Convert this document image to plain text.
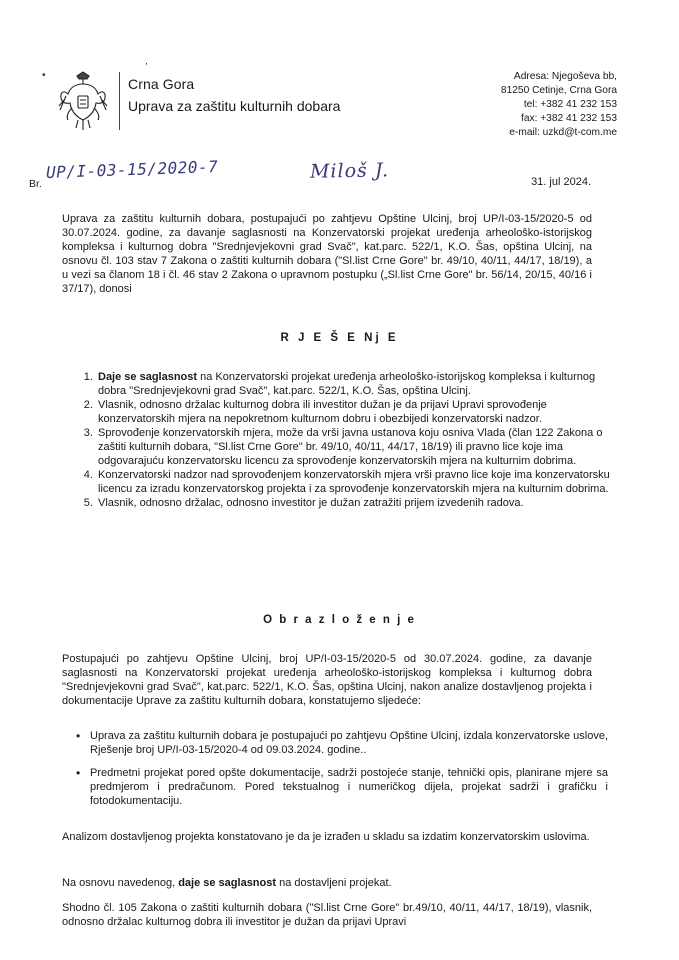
Crna Gora
Uprava za zaštitu kulturnih dobara
Adresa: Njegoševa bb,
81250 Cetinje, Crna Gora
tel: +382 41 232 153
fax: +382 41 232 153
e-mail: uzkd@t-com.me
•
,
Br.
UP/I-03-15/2020-7	Miloš J.	31. jul 2024.
Uprava za zaštitu kulturnih dobara, postupajući po zahtjevu Opštine Ulcinj, broj UP/I-03-15/2020-5 od 30.07.2024. godine, za davanje saglasnosti na Konzervatorski projekat uređenja arheološko-istorijskog kompleksa i kulturnog dobra "Srednjevjekovni grad Svač", kat.parc. 522/1, K.O. Šas, opština Ulcinj, na osnovu čl. 103 stav 7 Zakona o zaštiti kulturnih dobara ("Sl.list Crne Gore" br. 49/10, 40/11, 44/17, 18/19), a u vezi sa članom 18 i čl. 46 stav 2 Zakona o upravnom postupku („Sl.list Crne Gore" br. 56/14, 20/15, 40/16 i 37/17), donosi
R J E Š E Nj E
1. Daje se saglasnost na Konzervatorski projekat uređenja arheološko-istorijskog kompleksa i kulturnog dobra "Srednjevjekovni grad Svač", kat.parc. 522/1, K.O. Šas, opština Ulcinj.
2. Vlasnik, odnosno držalac kulturnog dobra ili investitor dužan je da prijavi Upravi sprovođenje konzervatorskih mjera na nepokretnom kulturnom dobru i obezbijedi konzervatorski nadzor.
3. Sprovođenje konzervatorskih mjera, može da vrši javna ustanova koju osniva Vlada (član 122 Zakona o zaštiti kulturnih dobara, "Sl.list Crne Gore" br. 49/10, 40/11, 44/17, 18/19) ili pravno lice koje ima odgovarajuću konzervatorsku licencu za sprovođenje konzervatorskih mjera na kulturnim dobrima.
4. Konzervatorski nadzor nad sprovođenjem konzervatorskih mjera vrši pravno lice koje ima konzervatorsku licencu za izradu konzervatorskog projekta i za sprovođenje konzervatorskih mjera na kulturnim dobrima.
5. Vlasnik, odnosno držalac, odnosno investitor je dužan zatražiti prijem izvedenih radova.
O b r a z l o ž e n j e
Postupajući po zahtjevu Opštine Ulcinj, broj UP/I-03-15/2020-5 od 30.07.2024. godine, za davanje saglasnosti na Konzervatorski projekat uređenja arheološko-istorijskog kompleksa i kulturnog dobra "Srednjevjekovni grad Svač", kat.parc. 522/1, K.O. Šas, opština Ulcinj, nakon analize dostavljenog projekta i dokumentacije Uprave za zaštitu kulturnih dobara, konstatujemo sljedeće:
• Uprava za zaštitu kulturnih dobara je postupajući po zahtjevu Opštine Ulcinj, izdala konzervatorske uslove, Rješenje broj UP/I-03-15/2020-4 od 09.03.2024. godine..
• Predmetni projekat pored opšte dokumentacije, sadrži postojeće stanje, tehnički opis, planirane mjere sa predmjerom i predračunom. Pored tekstualnog i numeričkog dijela, projekat sadrži i grafičku i fotodokumentaciju.
Analizom dostavljenog projekta konstatovano je da je izrađen u skladu sa izdatim konzervatorskim uslovima.
Na osnovu navedenog, daje se saglasnost na dostavljeni projekat.
Shodno čl. 105 Zakona o zaštiti kulturnih dobara ("Sl.list Crne Gore" br.49/10, 40/11, 44/17, 18/19), vlasnik, odnosno držalac kulturnog dobra ili investitor je dužan da prijavi Upravi
